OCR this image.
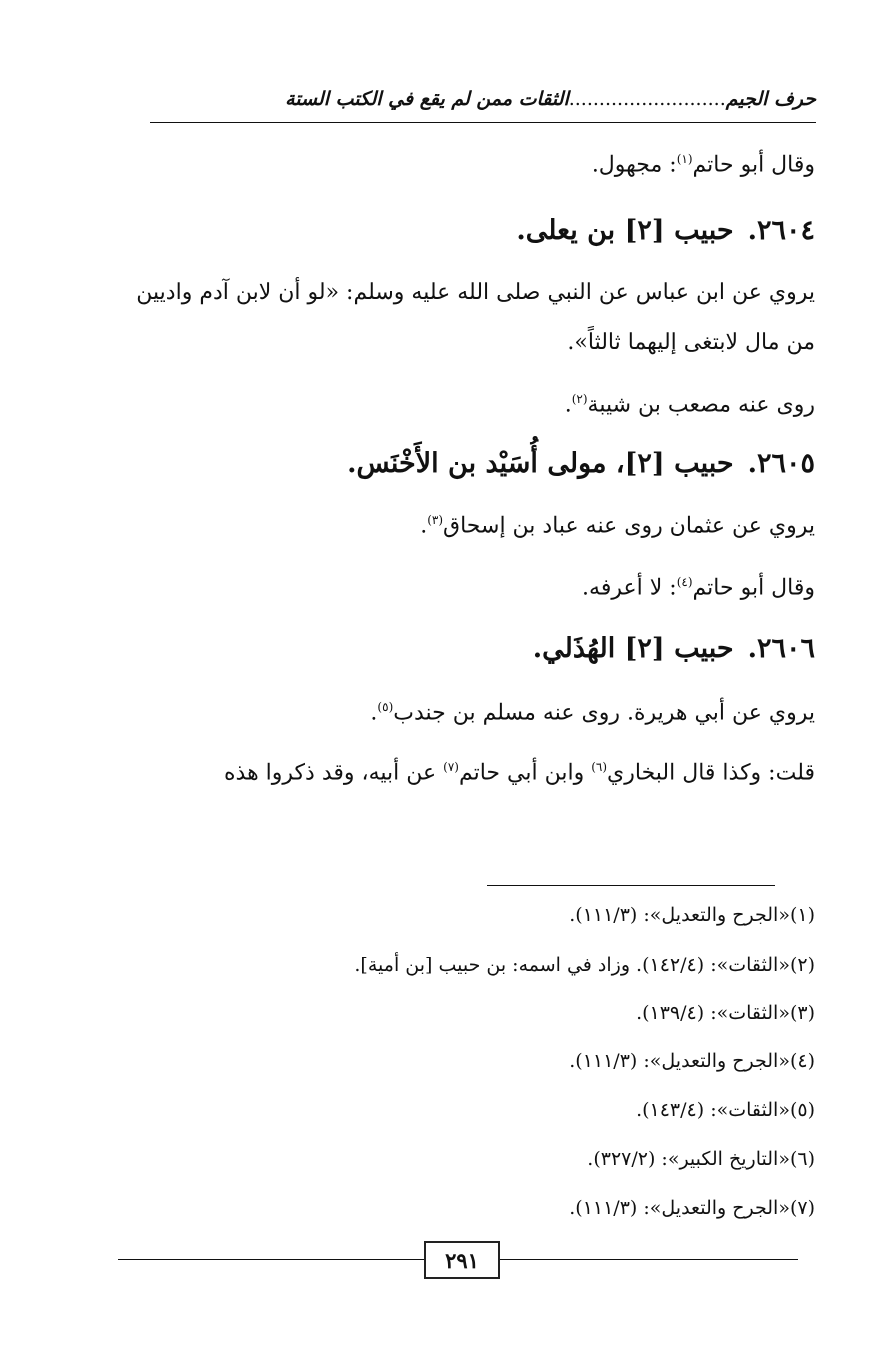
حرف الجيم..........................الثقات ممن لم يقع في الكتب الستة
وقال أبو حاتم$^{(١)}$: مجهول.
٢٦٠٤.حبيب [٢] بن يعلى.
يروي عن ابن عباس عن النبي صلى الله عليه وسلم: «لو أن لابن آدم واديين
من مال لابتغى إليهما ثالثاً».
روى عنه مصعب بن شيبة$^{(٢)}$.
٢٦٠٥.حبيب [٢]، مولى أُسَيْد بن الأَخْنَس.
يروي عن عثمان روى عنه عباد بن إسحاق$^{(٣)}$.
وقال أبو حاتم$^{(٤)}$: لا أعرفه.
٢٦٠٦.حبيب [٢] الهُذَلي.
يروي عن أبي هريرة. روى عنه مسلم بن جندب$^{(٥)}$.
قلت: وكذا قال البخاري$^{(٦)}$ وابن أبي حاتم$^{(٧)}$ عن أبيه، وقد ذكروا هذه
(١)«الجرح والتعديل»: (١١١/٣).
(٢)«الثقات»: (١٤٢/٤). وزاد في اسمه: بن حبيب [بن أمية].
(٣)«الثقات»: (١٣٩/٤).
(٤)«الجرح والتعديل»: (١١١/٣).
(٥)«الثقات»: (١٤٣/٤).
(٦)«التاريخ الكبير»: (٣٢٧/٢).
(٧)«الجرح والتعديل»: (١١١/٣).
٢٩١
